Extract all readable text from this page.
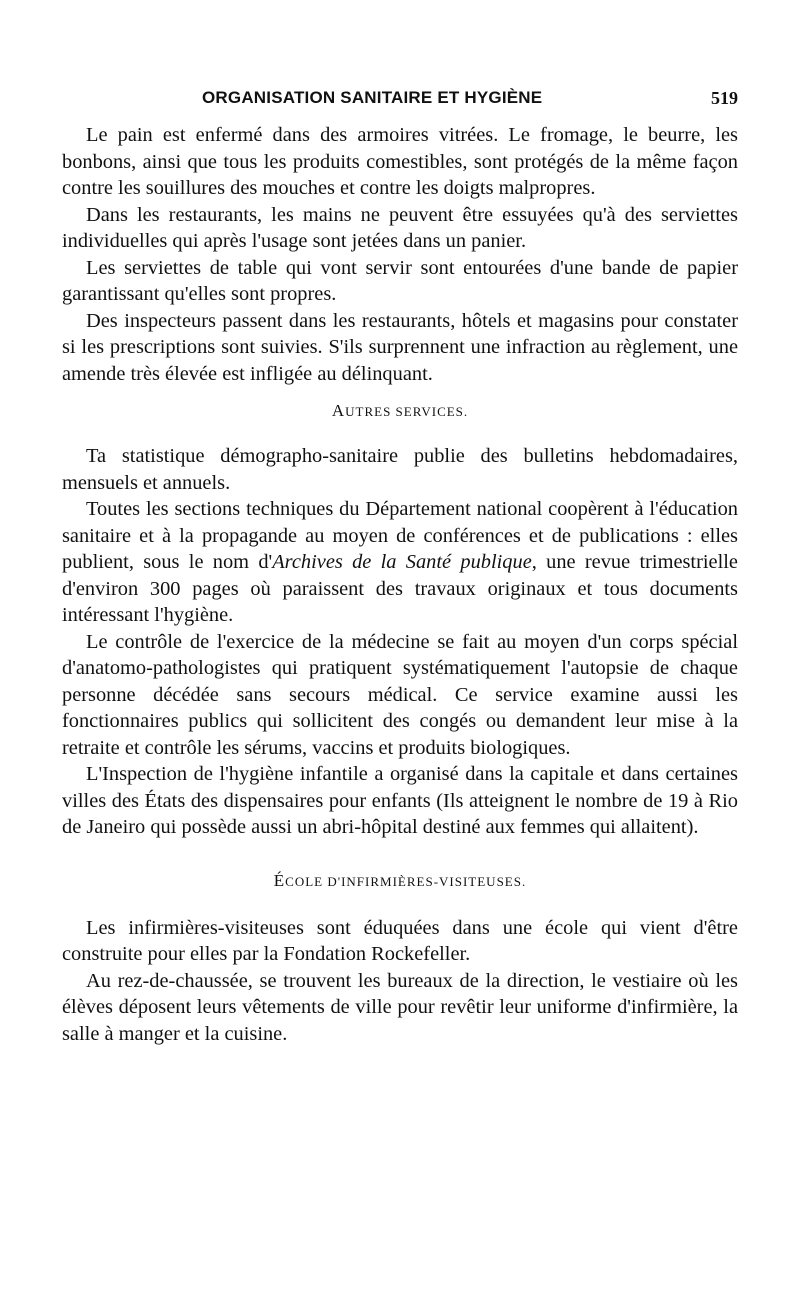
ORGANISATION SANITAIRE ET HYGIÈNE	519

Le pain est enfermé dans des armoires vitrées. Le fromage, le beurre, les bonbons, ainsi que tous les produits comestibles, sont protégés de la même façon contre les souillures des mouches et contre les doigts malpropres.

Dans les restaurants, les mains ne peuvent être essuyées qu'à des serviettes individuelles qui après l'usage sont jetées dans un panier.

Les serviettes de table qui vont servir sont entourées d'une bande de papier garantissant qu'elles sont propres.

Des inspecteurs passent dans les restaurants, hôtels et magasins pour constater si les prescriptions sont suivies. S'ils surprennent une infraction au règlement, une amende très élevée est infligée au délinquant.

AUTRES SERVICES.

Ta statistique démographo-sanitaire publie des bulletins hebdomadaires, mensuels et annuels.

Toutes les sections techniques du Département national coopèrent à l'éducation sanitaire et à la propagande au moyen de conférences et de publications : elles publient, sous le nom d'Archives de la Santé publique, une revue trimestrielle d'environ 300 pages où paraissent des travaux originaux et tous documents intéressant l'hygiène.

Le contrôle de l'exercice de la médecine se fait au moyen d'un corps spécial d'anatomo-pathologistes qui pratiquent systématiquement l'autopsie de chaque personne décédée sans secours médical. Ce service examine aussi les fonctionnaires publics qui sollicitent des congés ou demandent leur mise à la retraite et contrôle les sérums, vaccins et produits biologiques.

L'Inspection de l'hygiène infantile a organisé dans la capitale et dans certaines villes des États des dispensaires pour enfants (Ils atteignent le nombre de 19 à Rio de Janeiro qui possède aussi un abri-hôpital destiné aux femmes qui allaitent).

ÉCOLE D'INFIRMIÈRES-VISITEUSES.

Les infirmières-visiteuses sont éduquées dans une école qui vient d'être construite pour elles par la Fondation Rockefeller.

Au rez-de-chaussée, se trouvent les bureaux de la direction, le vestiaire où les élèves déposent leurs vêtements de ville pour revêtir leur uniforme d'infirmière, la salle à manger et la cuisine.
